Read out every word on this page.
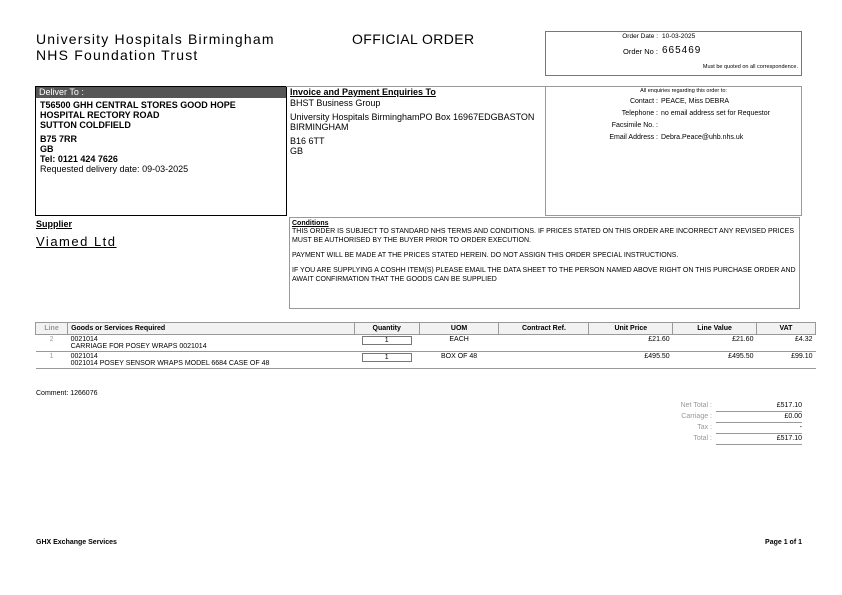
University Hospitals Birmingham
NHS Foundation Trust
OFFICIAL ORDER	Order Date : 10-03-2025
Order No : 665469
Must be quoted on all correspondence.
Deliver To :
T56500 GHH CENTRAL STORES GOOD HOPE HOSPITAL RECTORY ROAD
SUTTON COLDFIELD
B75 7RR
GB
Tel: 0121 424 7626
Requested delivery date: 09-03-2025
Invoice and Payment Enquiries To
BHST Business Group
University Hospitals BirminghamPO Box 16967EDGBASTON
BIRMINGHAM
B16 6TT
GB
All enquiries regarding this order to:
Contact : PEACE, Miss DEBRA
Telephone : no email address set for Requestor
Facsimile No. :
Email Address : Debra.Peace@uhb.nhs.uk
Supplier
Viamed Ltd
Conditions

THIS ORDER IS SUBJECT TO STANDARD NHS TERMS AND CONDITIONS. IF PRICES STATED ON THIS ORDER ARE INCORRECT ANY REVISED PRICES MUST BE AUTHORISED BY THE BUYER PRIOR TO ORDER EXECUTION.

PAYMENT WILL BE MADE AT THE PRICES STATED HEREIN. DO NOT ASSIGN THIS ORDER SPECIAL INSTRUCTIONS.

IF YOU ARE SUPPLYING A COSHH ITEM(S) PLEASE EMAIL THE DATA SHEET TO THE PERSON NAMED ABOVE RIGHT ON THIS PURCHASE ORDER AND AWAIT CONFIRMATION THAT THE GOODS CAN BE SUPPLIED

Line	Goods or Services Required	Quantity	UOM	Contract Ref.	Unit Price	Line Value	VAT
2	0021014
CARRIAGE FOR POSEY WRAPS 0021014	1	EACH		£21.60	£21.60	£4.32
1	0021014
0021014 POSEY SENSOR WRAPS MODEL 6684 CASE OF 48	1	BOX OF 48		£495.50	£495.50	£99.10
Comment: 1266076
Net Total :	£517.10
Carriage :	£0.00
Tax :	-
Total :	£517.10
GHX Exchange Services	Page 1 of 1
